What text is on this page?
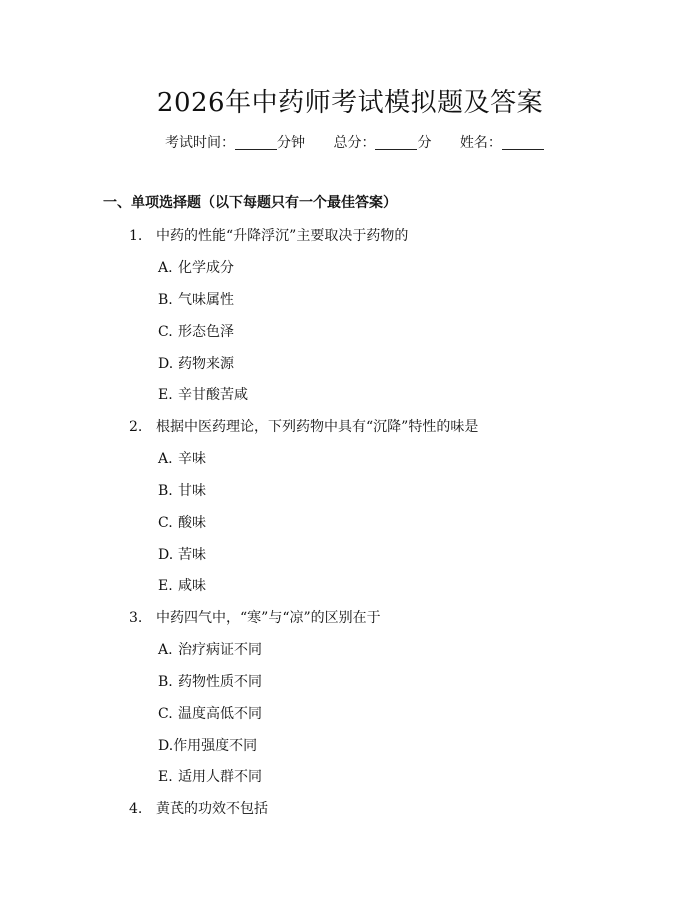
2026年中药师考试模拟题及答案
考试时间：	分钟 总分：	分 姓名：
一、单项选择题（以下每题只有一个最佳答案）
1. 中药的性能“升降浮沉”主要取决于药物的
A. 化学成分
B. 气味属性
C. 形态色泽
D. 药物来源
E. 辛甘酸苦咸
2. 根据中医药理论，下列药物中具有“沉降”特性的味是
A. 辛味
B. 甘味
C. 酸味
D. 苦味
E. 咸味
3. 中药四气中，“寒”与“凉”的区别在于
A. 治疗病证不同
B. 药物性质不同
C. 温度高低不同
D.作用强度不同
E. 适用人群不同
4. 黄芪的功效不包括
